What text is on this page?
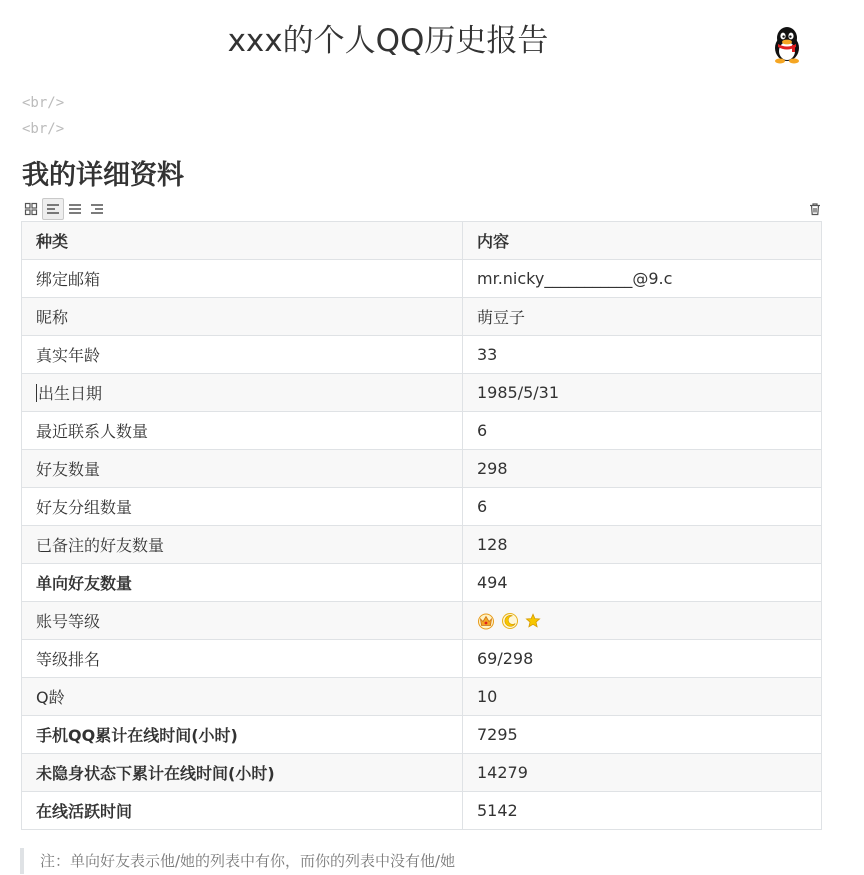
xxx的个人QQ历史报告
<br/>
<br/>
我的详细资料
种类	内容
绑定邮箱	mr.nicky___________@9.c
昵称	萌豆子
真实年龄	33
出生日期	1985/5/31
最近联系人数量	6
好友数量	298
好友分组数量	6
已备注的好友数量	128
单向好友数量	494
账号等级	

等级排名	69/298
Q龄	10
手机QQ累计在线时间(小时)	7295
未隐身状态下累计在线时间(小时)	14279
在线活跃时间	5142
注：单向好友表示他/她的列表中有你，而你的列表中没有他/她
